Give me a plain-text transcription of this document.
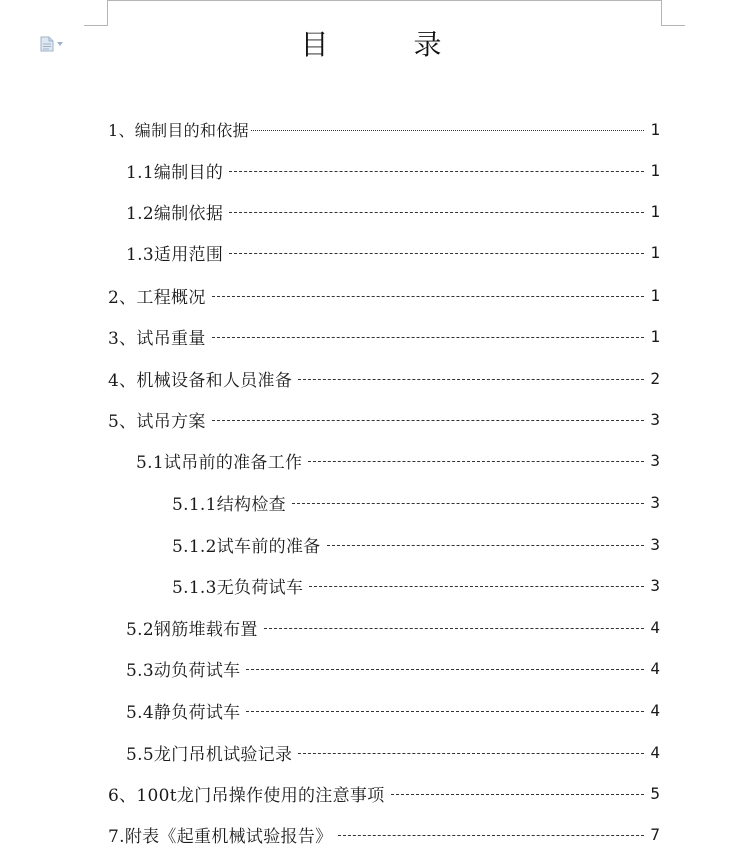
目 录
1、编制目的和依据	1
1.1编制目的	1
1.2编制依据	1
1.3适用范围	1
2、工程概况	1
3、试吊重量	1
4、机械设备和人员准备	2
5、试吊方案	3
5.1试吊前的准备工作	3
5.1.1结构检查	3
5.1.2试车前的准备	3
5.1.3无负荷试车	3
5.2钢筋堆载布置	4
5.3动负荷试车	4
5.4静负荷试车	4
5.5龙门吊机试验记录	4
6、100t龙门吊操作使用的注意事项	5
7.附表《起重机械试验报告》	7
